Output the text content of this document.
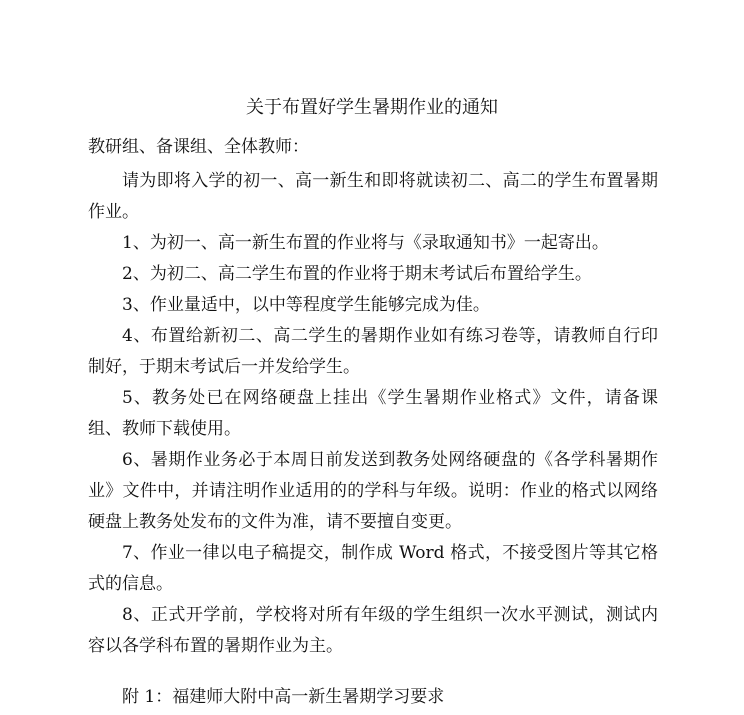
关于布置好学生暑期作业的通知
教研组、备课组、全体教师：
请为即将入学的初一、高一新生和即将就读初二、高二的学生布置暑期作业。
1、为初一、高一新生布置的作业将与《录取通知书》一起寄出。
2、为初二、高二学生布置的作业将于期末考试后布置给学生。
3、作业量适中，以中等程度学生能够完成为佳。
4、布置给新初二、高二学生的暑期作业如有练习卷等，请教师自行印制好，于期末考试后一并发给学生。
5、教务处已在网络硬盘上挂出《学生暑期作业格式》文件，请备课组、教师下载使用。
6、暑期作业务必于本周日前发送到教务处网络硬盘的《各学科暑期作业》文件中，并请注明作业适用的的学科与年级。说明：作业的格式以网络硬盘上教务处发布的文件为准，请不要擅自变更。
7、作业一律以电子稿提交，制作成 Word 格式，不接受图片等其它格式的信息。
8、正式开学前，学校将对所有年级的学生组织一次水平测试，测试内容以各学科布置的暑期作业为主。
附 1：福建师大附中高一新生暑期学习要求
